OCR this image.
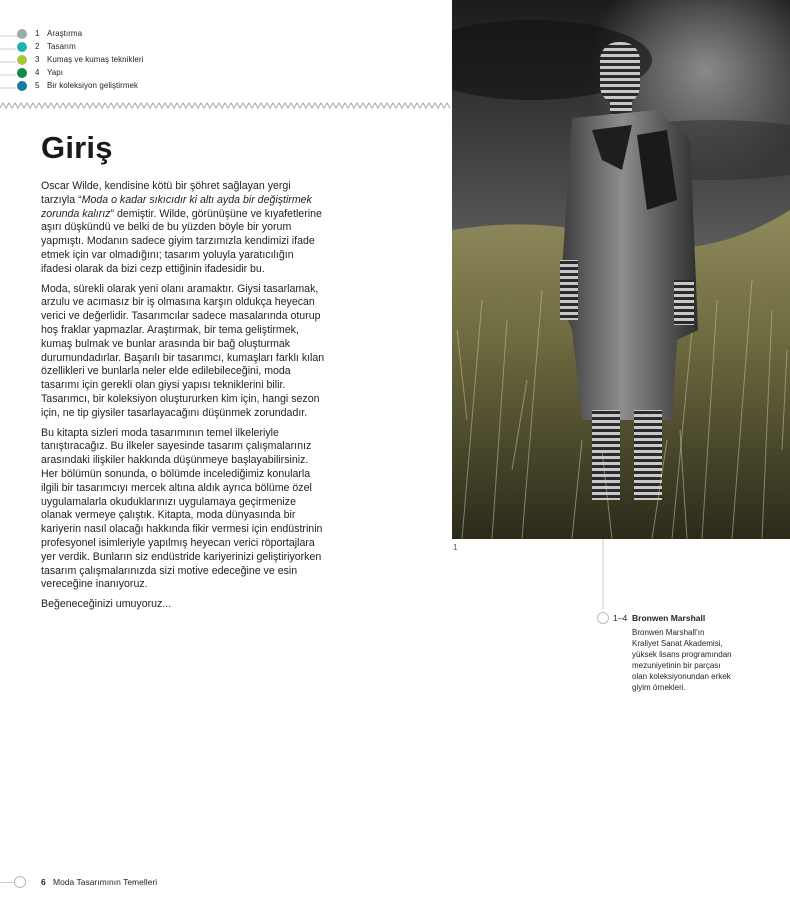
1 Araştırma
2 Tasarım
3 Kumaş ve kumaş teknikleri
4 Yapı
5 Bir koleksiyon geliştirmek
Giriş

Oscar Wilde, kendisine kötü bir şöhret sağlayan yergi tarzıyla “Moda o kadar sıkıcıdır ki altı ayda bir değiştirmek zorunda kalırız” demiştir. Wilde, görünüşüne ve kıyafetlerine aşırı düşkündü ve belki de bu yüzden böyle bir yorum yapmıştı. Modanın sadece giyim tarzımızla kendimizi ifade etmek için var olmadığını; tasarım yoluyla yaratıcılığın ifadesi olarak da bizi cezp ettiğinin ifadesidir bu.

Moda, sürekli olarak yeni olanı aramaktır. Giysi tasarlamak, arzulu ve acımasız bir iş olmasına karşın oldukça heyecan verici ve değerlidir. Tasarımcılar sadece masalarında oturup hoş fraklar yapmazlar. Araştırmak, bir tema geliştirmek, kumaş bulmak ve bunlar arasında bir bağ oluşturmak durumundadırlar. Başarılı bir tasarımcı, kumaşları farklı kılan özellikleri ve bunlarla neler elde edilebileceğini, moda tasarımı için gerekli olan giysi yapısı tekniklerini bilir. Tasarımcı, bir koleksiyon oluştururken kim için, hangi sezon için, ne tip giysiler tasarlayacağını düşünmek zorundadır.

Bu kitapta sizleri moda tasarımının temel ilkeleriyle tanıştıracağız. Bu ilkeler sayesinde tasarım çalışmalarınız arasındaki ilişkiler hakkında düşünmeye başlayabilirsiniz. Her bölümün sonunda, o bölümde incelediğimiz konularla ilgili bir tasarımcıyı mercek altına aldık ayrıca bölüme özel uygulamalarla okuduklarınızı uygulamaya geçirmenize olanak vermeye çalıştık. Kitapta, moda dünyasında bir kariyerin nasıl olacağı hakkında fikir vermesi için endüstrinin profesyonel isimleriyle yapılmış heyecan verici röportajlara yer verdik. Bunların siz endüstride kariyerinizi geliştiriyorken tasarım çalışmalarınızda sizi motive edeceğine ve esin vereceğine inanıyoruz.

Beğeneceğinizi umuyoruz...

1
1–4 Bronwen Marshall
Bronwen Marshall’ın Kraliyet Sanat Akademisi, yüksek lisans programından mezuniyetinin bir parçası olan koleksiyonundan erkek giyim örnekleri.
6 Moda Tasarımının Temelleri
